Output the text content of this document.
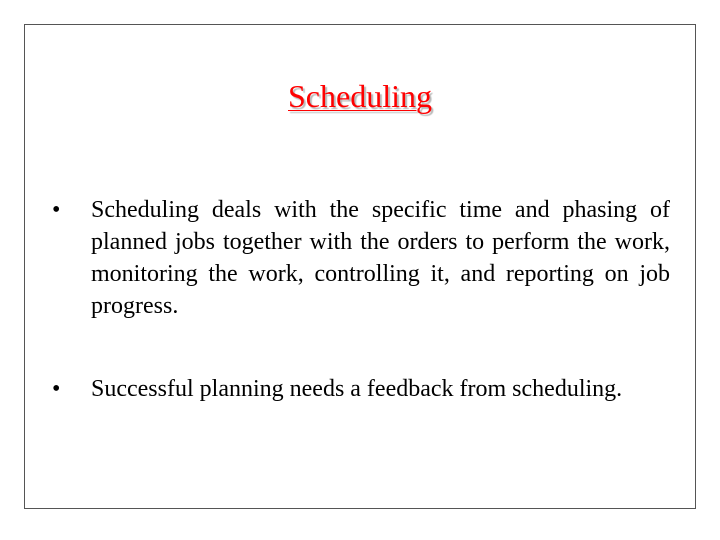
Scheduling
•	Scheduling deals with the specific time and phasing of planned jobs together with the orders to perform the work, monitoring the work, controlling it, and reporting on job progress.
•	Successful planning needs a feedback from scheduling.
